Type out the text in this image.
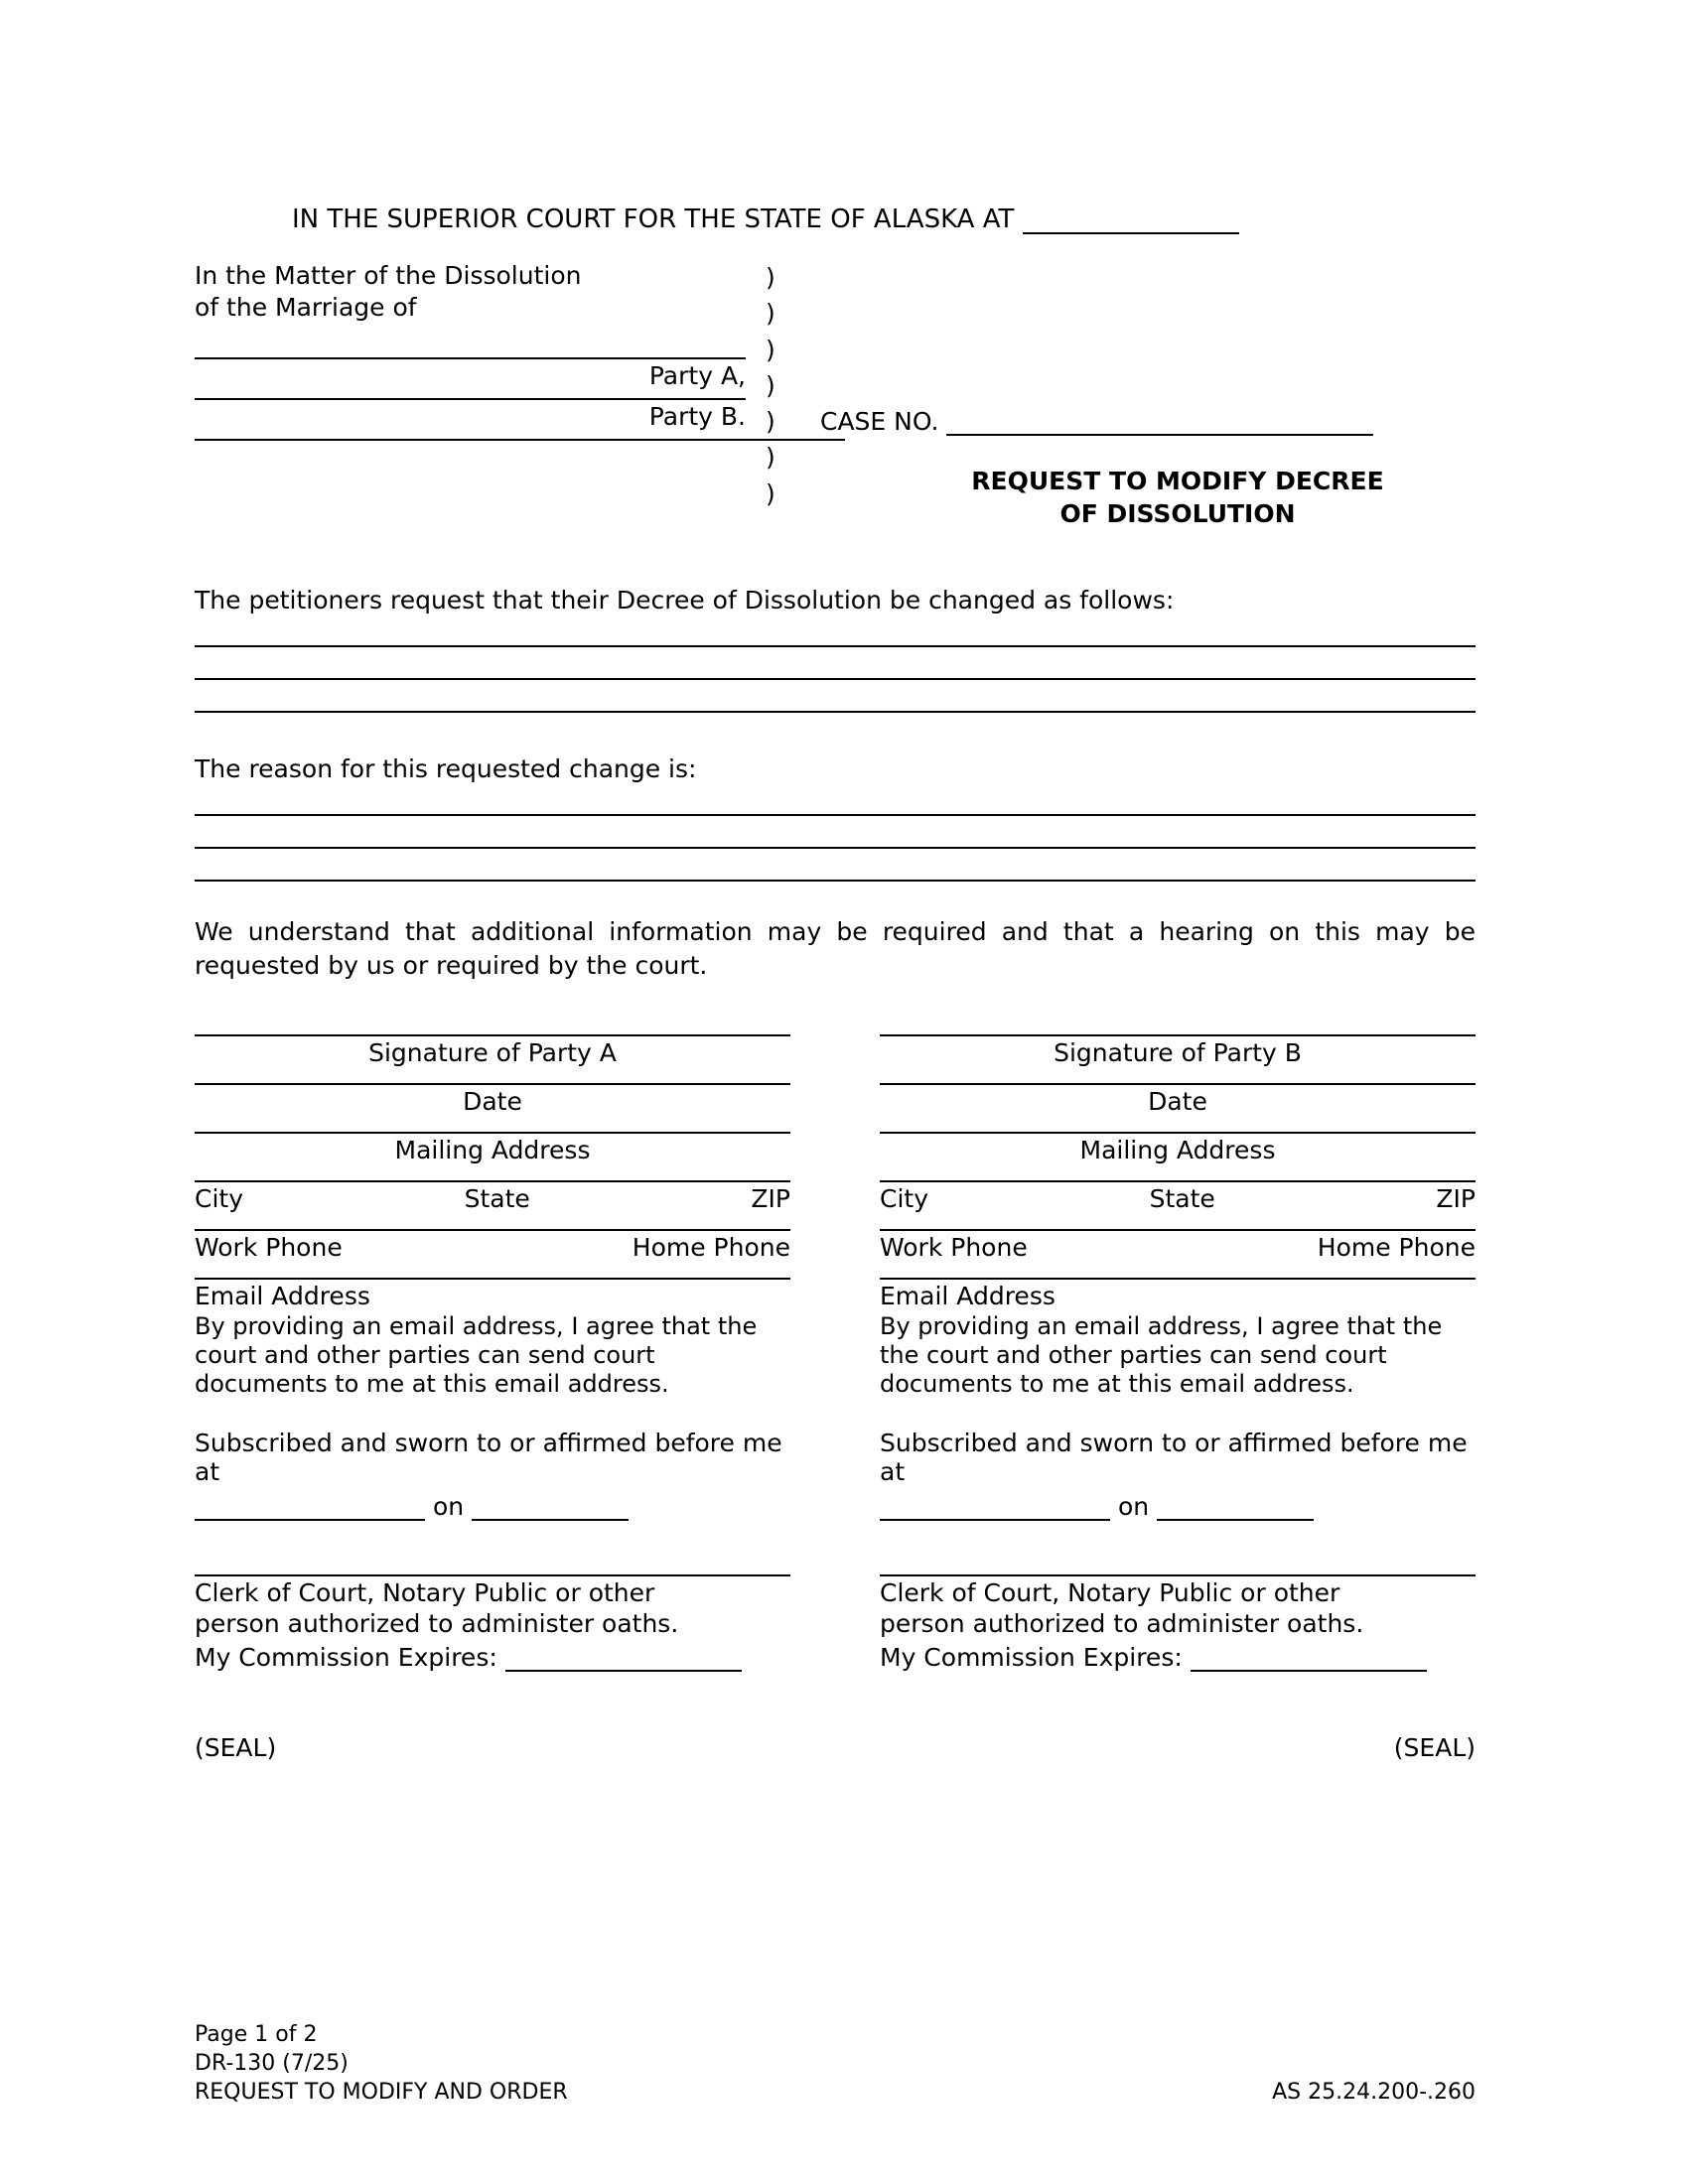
IN THE SUPERIOR COURT FOR THE STATE OF ALASKA AT
In the Matter of the Dissolution
of the Marriage of
Party A,
Party B.
)
)
)
)
)
)
)
CASE NO.
REQUEST TO MODIFY DECREE
OF DISSOLUTION
The petitioners request that their Decree of Dissolution be changed as follows:
The reason for this requested change is:
We understand that additional information may be required and that a hearing on this may be requested by us or required by the court.
Signature of Party A
Date
Mailing Address
City	State	ZIP
Work Phone	Home Phone
Email Address
By providing an email address, I agree that the
court and other parties can send court
documents to me at this email address.
Subscribed and sworn to or affirmed before me at
on
Clerk of Court, Notary Public or other
person authorized to administer oaths.
My Commission Expires:
Signature of Party B
Date
Mailing Address
City	State	ZIP
Work Phone	Home Phone
Email Address
By providing an email address, I agree that the
the court and other parties can send court
documents to me at this email address.
Subscribed and sworn to or affirmed before me at
on
Clerk of Court, Notary Public or other
person authorized to administer oaths.
My Commission Expires:
(SEAL)	(SEAL)
Page 1 of 2
DR-130 (7/25)
REQUEST TO MODIFY AND ORDER	AS 25.24.200-.260
